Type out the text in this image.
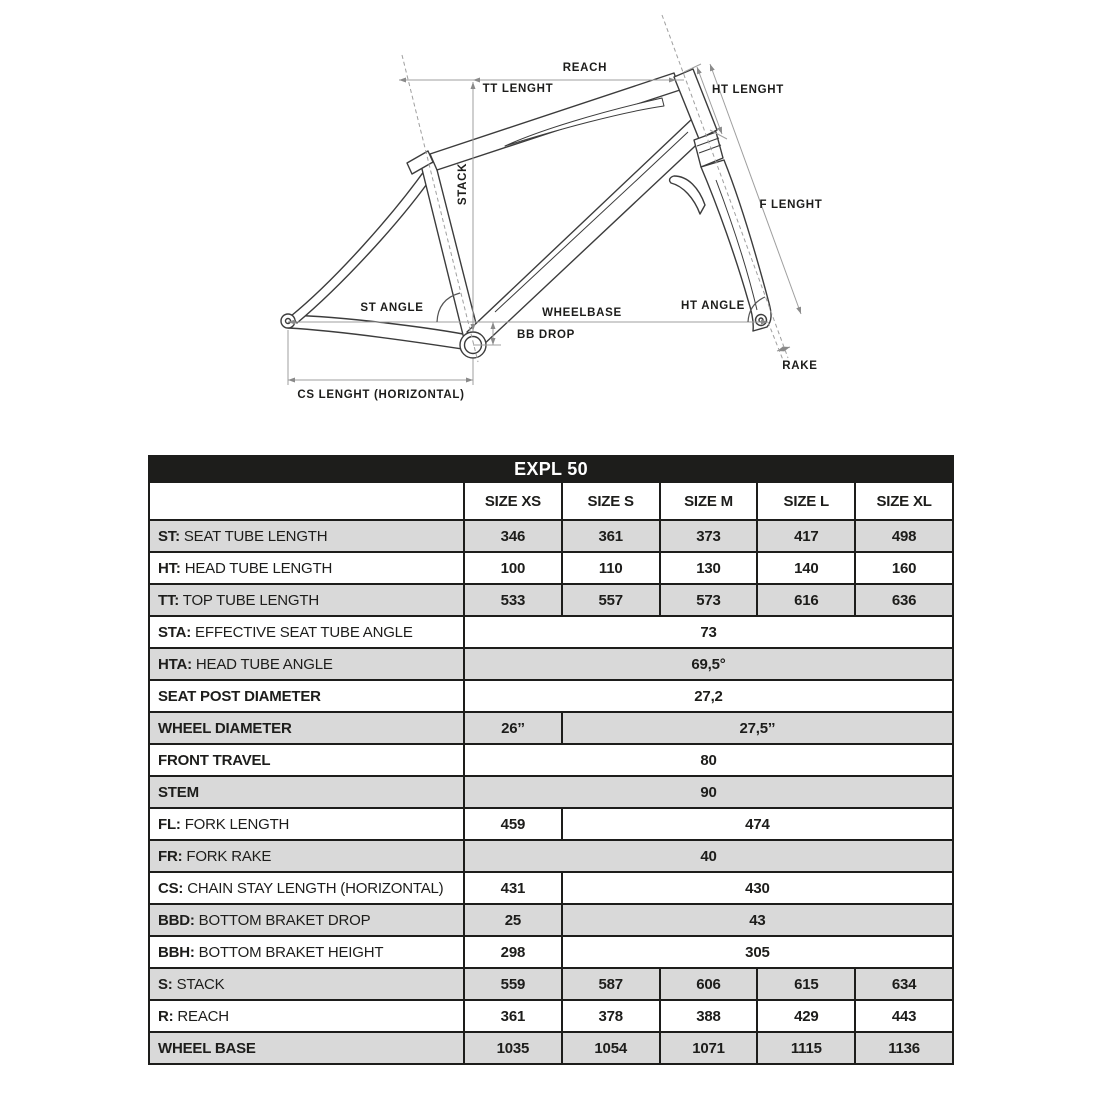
REACH
TT LENGHT	HT LENGHT
STACK	F LENGHT
ST ANGLE	WHEELBASE
BB DROP
HT ANGLE
RAKE
CS LENGHT (HORIZONTAL)
EXPL 50					
	SIZE XS	SIZE S	SIZE M	SIZE L	SIZE XL
ST: SEAT TUBE LENGTH	346	361	373	417	498
HT: HEAD TUBE LENGTH	100	110	130	140	160
TT: TOP TUBE LENGTH	533	557	573	616	636
STA: EFFECTIVE SEAT TUBE ANGLE	73				
HTA: HEAD TUBE ANGLE	69,5°				
SEAT POST DIAMETER	27,2				
WHEEL DIAMETER	26’’	27,5’’			
FRONT TRAVEL	80				
STEM	90				
FL: FORK LENGTH	459	474			
FR: FORK RAKE	40				
CS: CHAIN STAY LENGTH (HORIZONTAL)	431	430			
BBD: BOTTOM BRAKET DROP	25	43			
BBH: BOTTOM BRAKET HEIGHT	298	305			
S: STACK	559	587	606	615	634
R: REACH	361	378	388	429	443
WHEEL BASE	1035	1054	1071	1115	1136
